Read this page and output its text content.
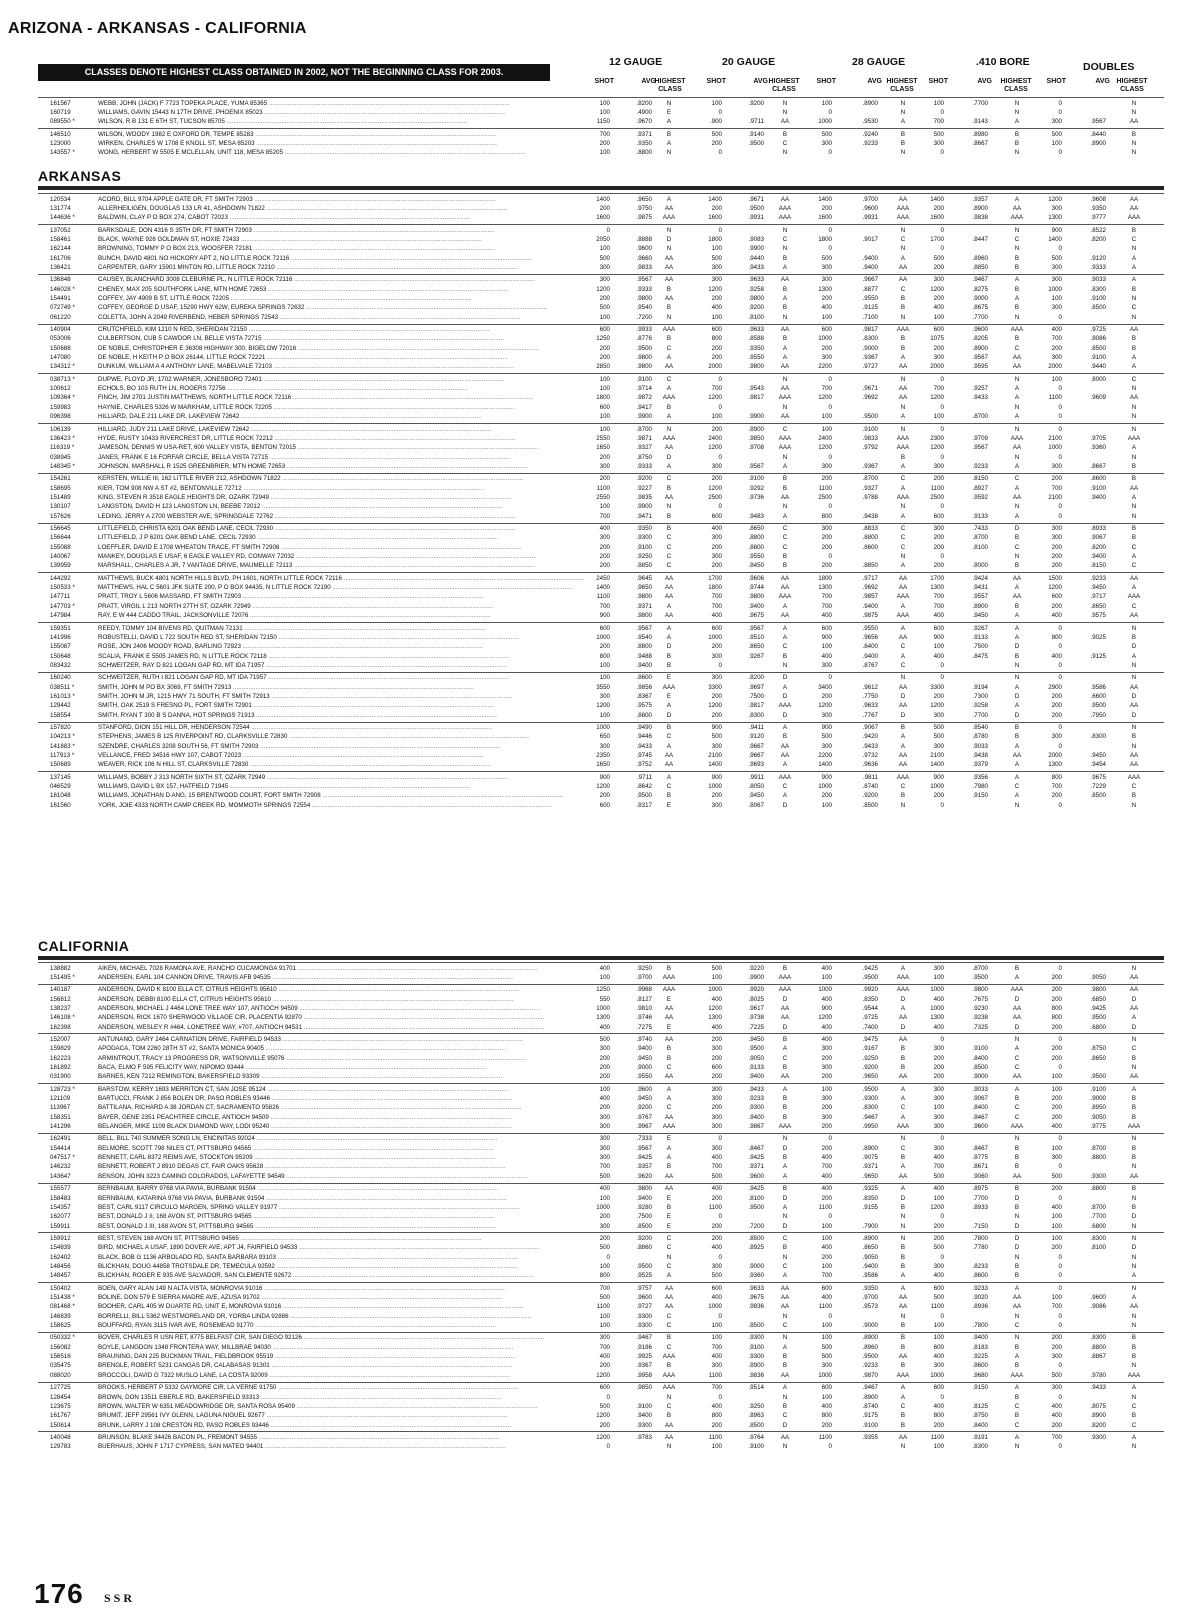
ARIZONA - ARKANSAS - CALIFORNIA
CLASSES DENOTE HIGHEST CLASS OBTAINED IN 2002, NOT THE BEGINNING CLASS FOR 2003.
12 GAUGE	20 GAUGE	28 GAUGE	.410 BORE	DOUBLES
SHOT	AVG
HIGHEST CLASS
SHOT	AVG HIGHEST CLASS
SHOT	AVG HIGHEST CLASS
SHOT	AVG HIGHEST CLASS
SHOT	AVG HIGHEST CLASS
161567	WEBB, JOHN (JACK) F 7723 TOPEKA PLACE, YUMA 85365 ............................................................................................................................................	100	.8200	N	100	.9200	N	100	.8900	N	100	.7700	N	0	N
160719	WILLIAMS, GAVIN 15443 N 17TH DRIVE, PHOENIX 85023 ............................................................................................................................................	100	.4900	E	0	N	0	N	0	N	0	N
089550 *	WILSON, R B 131 E 6TH ST, TUCSON 85705 ............................................................................................................................................	1150	.9670	A	.900	.9711	AA	1000	.9530	A	700	.9143	A	300	.9567	AA
146510	WILSON, WOODY 1982 E OXFORD DR, TEMPE 85283 ............................................................................................................................................	700	.9371	B	500	.9140	B	500	.9240	B	500	.8980	B	500	.8440	B
123000	WIRKEN, CHARLES W 1708 E KNOLL ST, MESA 85203 ............................................................................................................................................	200	.9350	A	200	.9500	C	300	.9233	B	300	.8667	B	100	.8900	N
143557 *	WONG, HERBERT W 5505 E MCLELLAN, UNIT 118, MESA 85205 ............................................................................................................................................	100	.8800	N	0	N	0	N	0	N	0	N
ARKANSAS
120534	ACORD, BILL 9704 APPLE GATE DR, FT SMITH 72903 ............................................................................................................................................	1400	.9650	A	1400	.9671	AA	1400	.9700	AA	1400	.9357	A	1200	.9608	AA
131774	ALLERHEILIGEN, DOUGLAS 133 LR 41, ASHDOWN 71822 ............................................................................................................................................	200	.9750	AA	200	.9500	AAA	200	.9600	AAA	200	.8900	AA	300	.9350	AA
144636 *	BALDWIN, CLAY P O BOX 274, CABOT 72023 ............................................................................................................................................	1600	.9875	AAA	1600	.9931	AAA	1600	.9931	AAA	1600	.9838	AAA	1300	.9777	AAA
137052	BARKSDALE, DON 4316 S 35TH DR, FT SMITH 72903 ............................................................................................................................................	0	N	0	N	0	N	0	N	900	.8522	B
158461	BLACK, WAYNE 926 GOLDMAN ST, HOXIE 72433 ............................................................................................................................................	2050	.8888	D	1800	.9083	C	1800	.9017	C	1700	.8447	C	1400	.8200	C
162144	BROWNING, TOMMY P O BOX 213, WOOSFER 72181 ............................................................................................................................................	100	.9600	N	100	.9900	N	0	N	0	N	0	N
161706	BUNCH, DAVID 4801 NO HICKORY APT 2, NO LITTLE ROCK 72116 ............................................................................................................................................	500	.9660	AA	500	.9440	B	500	.9400	A	500	.8960	B	500	.9120	A
136421	CARPENTER, GARY 15901 MINTON RD, LITTLE ROCK 72210 ............................................................................................................................................	300	.9833	AA	300	.9433	A	300	.9400	AA	200	.8850	B	300	.9333	A
136848	CAUSEY, BLANCHARD 3008 CLEBURNE PL, N LITTLE ROCK 72116 ............................................................................................................................................	300	.9567	AA	300	.9633	AA	300	.9667	AA	300	.9467	A	300	.9033	A
146028 *	CHENEY, MAX 205 SOUTHFORK LANE, MTN HOME 72653 ............................................................................................................................................	1200	.9333	B	1200	.9258	B	1300	.8877	C	1200	.8275	B	1000	.8300	B
154491	COFFEY, JAY 4909 B ST, LITTLE ROCK 72205 ............................................................................................................................................	200	.9800	AA	200	.9800	A	200	.9550	B	200	.9000	A	100	.9100	N
072749 *	COFFEY, GEORGE D USAF, 15290 HWY 62W, EUREKA SPRINGS 72632 ............................................................................................................................................	500	.9540	B	400	.9200	B	400	.9125	B	400	.8675	B	300	.8500	C
061220	COLETTA, JOHN A 2049 RIVERBEND, HEBER SPRINGS 72543 ............................................................................................................................................	100	.7200	N	100	.8100	N	100	.7100	N	100	.7700	N	0	N
140904	CRUTCHFIELD, KIM 1210 N RED, SHERIDAN 72150 ............................................................................................................................................	600	.9933	AAA	600	.9633	AA	600	.9817	AAA	600	.9600	AAA	400	.9725	AA
053006	CULBERTSON, CUB 5 CAWDOR LN, BELLE VISTA 72715 ............................................................................................................................................	1250	.8776	B	800	.8588	B	1000	.8300	B	1075	.8205	B	700	.8086	B
150688	DE NOBLE, CHRISTOPHER E 36308 HIGHWAY 300, BIGELOW 72016 ............................................................................................................................................	200	.9500	C	200	.9350	A	200	.9000	B	200	.8900	C	200	.8500	B
147080	DE NOBLE, H KEITH P O BOX 26144, LITTLE ROCK 72221 ............................................................................................................................................	200	.9800	A	200	.9550	A	300	.9367	A	300	.9567	AA	300	.9100	A
134312 *	DUNKUM, WILLIAM A 4 ANTHONY LANE, MABELVALE 72103 ............................................................................................................................................	2850	.9800	AA	2000	.9800	AA	2200	.9727	AA	2000	.9595	AA	2000	.9440	A
038713 *	DUPWE, FLOYD JR, 1702 WARNER, JONESBORO 72401 ............................................................................................................................................	100	.9100	C	0	N	0	N	0	N	100	.8000	C
100612	ECHOLS, BO 103 RUTH LN, ROGERS 72756 ............................................................................................................................................	100	.9714	A	700	.9543	AA	700	.9671	AA	700	.9257	A	0	N
109364 *	FINCH, JIM 2701 JUSTIN MATTHEWS, NORTH LITTLE ROCK 72116 ............................................................................................................................................	1800	.9872	AAA	1200	.9817	AAA	1200	.9692	AA	1200	.9433	A	1100	.9609	AA
159983	HAYNIE, CHARLES 5326 W MARKHAM, LITTLE ROCK 72205 ............................................................................................................................................	600	.9417	B	0	N	0	N	0	N	0	N
096398	HILLIARD, DALE 211 LAKE DR, LAKEVIEW 72642 ............................................................................................................................................	100	.9900	A	100	.9900	AA	100	.9500	A	100	.8700	A	0	N
106139	HILLIARD, JUDY 211 LAKE DRIVE, LAKEVIEW 72642 ............................................................................................................................................	100	.8700	N	200	.8900	C	100	.9100	N	0	N	0	N
136423 *	HYDE, RUSTY 10433 RIVERCREST DR, LITTLE ROCK 72212 ............................................................................................................................................	2550	.9871	AAA	2400	.9850	AAA	2400	.9833	AAA	2300	.9709	AAA	2100	.9705	AAA
116319 *	JAMESON, DENNIS W USA-RET, 600 VALLEY VISTA, BENTON 72015 ............................................................................................................................................	1650	.9327	AA	1200	.9708	AAA	1200	.9792	AAA	1200	.9567	AA	1000	.9360	A
038945	JANES, FRANK E 16 FORFAR CIRCLE, BELLA VISTA 72715 ............................................................................................................................................	200	.8750	D	0	N	0	B	0	N	0	N
148345 *	JOHNSON, MARSHALL R 1525 GREENBRIER, MTN HOME 72653 ............................................................................................................................................	300	.9333	A	300	.9567	A	300	.9367	A	300	.9233	A	300	.8667	B
154261	KERSTEN, WILLIE III, 162 LITTLE RIVER 212, ASHDOWN 71822 ............................................................................................................................................	200	.9200	C	200	.9100	B	200	.8700	C	200	.8150	C	200	.8600	B
158695	KIER, TOM 908 NW A ST #2, BENTONVILLE 72712 ............................................................................................................................................	1100	.9227	B	1200	.9292	B	1100	.9327	A	1100	.8927	A	700	.9100	AA
151489	KING, STEVEN R 3518 EAGLE HEIGHTS DR, OZARK 72949 ............................................................................................................................................	2550	.9835	AA	2500	.9736	AA	2500	.9788	AAA	2500	.9592	AA	2100	.9400	A
130107	LANGSTON, DAVID H 123 LANGSTON LN, BEEBE 72012 ............................................................................................................................................	100	.9900	N	0	N	0	N	0	N	0	N
157626	LEDING, JERRY A 2700 WEBSTER AVE, SPRINGDALE 72762 ............................................................................................................................................	700	.9471	B	600	.9483	A	800	.9438	A	600	.9133	A	0	N
156645	LITTLEFIELD, CHRISTA 6201 OAK BEND LANE, CECIL 72930 ............................................................................................................................................	400	.9350	B	400	.8650	C	300	.8833	C	300	.7433	D	300	.8933	B
156644	LITTLEFIELD, J P 6201 OAK BEND LANE, CECIL 72930 ............................................................................................................................................	300	.9300	C	300	.8800	C	200	.8800	C	200	.8700	B	300	.9067	B
155088	LOEFFLER, DAVID E 1708 WHEATON TRACE, FT SMITH 72908 ............................................................................................................................................	200	.9100	C	200	.8800	C	200	.8600	C	200	.8100	C	200	.8200	C
140067	MANKEY, DOUGLAS E USAF, 6 EAGLE VALLEY RD, CONWAY 72032 ............................................................................................................................................	200	.9250	C	300	.9550	B	0	N	0	N	200	.9400	A
139959	MARSHALL, CHARLES A JR, 7 VANTAGE DRIVE, MAUMELLE 72113 ............................................................................................................................................	200	.8850	C	200	.8450	B	200	.8850	A	200	.8000	B	200	.8150	C
144292	MATTHEWS, BUCK 4801 NORTH HILLS BLVD, PH 1601, NORTH LITTLE ROCK 72116 ............................................................................................................................................	2450	.9645	AA	1700	.9606	AA	1800	.9717	AA	1700	.9424	AA	1500	.9233	AA
150533 *	MATTHEWS, HAL C 5601 JFK SUITE 200, P O BOX 94435, N LITTLE ROCK 72190 ............................................................................................................................................	1400	.9650	AA	1800	.9744	AA	1300	.9692	AA	1300	.9431	A	1200	.9450	A
147711	PRATT, TROY L 5606 MASSARD, FT SMITH 72903 ............................................................................................................................................	1100	.9800	AA	700	.9800	AAA	700	.9857	AAA	700	.9557	AA	600	.9717	AAA
147703 *	PRATT, VIRGIL L 213 NORTH 27TH ST, OZARK 72949 ............................................................................................................................................	700	.9371	A	700	.9400	A	700	.9400	A	700	.8900	B	200	.8650	C
147984	RAY, E W 444 CADDO TRAIL, JACKSONVILLE 72076 ............................................................................................................................................	900	.9800	AA	400	.9675	AA	400	.9875	AAA	400	.9450	A	400	.9575	AA
159351	REEDY, TOMMY 104 BIVENS RD, QUITMAN 72131 ............................................................................................................................................	600	.9567	A	600	.9567	A	600	.9550	A	600	.9267	A	0	N
141996	ROBUSTELLI, DAVID L 722 SOUTH RED ST, SHERIDAN 72150 ............................................................................................................................................	1000	.9540	A	1000	.9510	A	900	.9656	AA	900	.9133	A	800	.9025	B
155087	ROSE, JON 2406 MOODY ROAD, BARLING 72923 ............................................................................................................................................	200	.8800	D	200	.8650	C	100	.8400	C	100	.7500	D	0	D
150648	SCALIA, FRANK E 5505 JAMES RD, N LITTLE ROCK 72118 ............................................................................................................................................	800	.9488	B	300	.9267	B	400	.9400	A	400	.8475	B	400	.9125	A
083432	SCHWEITZER, RAY D 821 LOGAN GAP RD, MT IDA 71957 ............................................................................................................................................	100	.9400	B	0	N	300	.8767	C	0	N	0	N
160240	SCHWEITZER, RUTH I 821 LOGAN GAP RD, MT IDA 71957 ............................................................................................................................................	100	.8600	E	300	.8200	D	0	N	0	N	0	N
038511 *	SMITH, JOHN M PO BX 3069, FT SMITH 72913 ............................................................................................................................................	3550	.9856	AAA	3300	.9697	A	3400	.9612	AA	3300	.9194	A	2900	.9586	AA
161013 *	SMITH, JOHN M JR, 1215 HWY 71 SOUTH, FT SMITH 72913 ............................................................................................................................................	300	.8367	E	200	.7500	D	200	.7750	D	200	.7300	D	200	.6600	D
129442	SMITH, OAK 2519 S FRESNO PL, FORT SMITH 72901 ............................................................................................................................................	1200	.9575	A	1200	.9817	AAA	1200	.9633	AA	1200	.9258	A	200	.9500	AA
158554	SMITH, RYAN T 300 B S DANNA, HOT SPRINGS 71913 ............................................................................................................................................	100	.8800	D	200	.8300	D	300	.7767	D	300	.7700	D	200	.7950	D
157820	STANFORD, DION 151 HILL DR, HENDERSON 72544 ............................................................................................................................................	1000	.9490	B	900	.9411	A	900	.9067	B	500	.8540	B	0	N
104213 *	STEPHENS, JAMES B 125 RIVERPOINT RD, CLARKSVILLE 72830 ............................................................................................................................................	650	.9446	C	500	.9120	B	500	.9420	A	500	.8780	B	300	.8300	B
141883 *	SZENDRE, CHARLES 3208 SOUTH 56, FT SMITH 72903 ............................................................................................................................................	300	.9433	A	300	.9667	AA	300	.9433	A	300	.9033	A	0	N
117913 *	VELLANCE, FRED 34516 HWY 107, CABOT 72023 ............................................................................................................................................	2350	.9745	AA	2100	.9667	AA	2200	.9732	AA	2100	.9438	AA	2000	.9450	AA
150689	WEAVER, RICK 106 N HILL ST, CLARKSVILLE 72830 ............................................................................................................................................	1650	.9752	AA	1400	.9693	A	1400	.9636	AA	1400	.9379	A	1300	.9454	AA
137145	WILLIAMS, BOBBY J 313 NORTH SIXTH ST, OZARK 72949 ............................................................................................................................................	900	.9711	A	900	.9911	AAA	900	.9811	AAA	900	.9356	A	800	.9675	AAA
046529	WILLIAMS, DAVID L BX 157, HATFIELD 71945 ............................................................................................................................................	1200	.8642	C	1000	.8050	C	1000	.8740	C	1000	.7980	C	700	.7229	C
161048	WILLIAMS, JONATHAN D ANG, 15 BRENTWOOD COURT, FORT SMITH 72908 ............................................................................................................................................	200	.9500	B	200	.9450	A	200	.9200	B	200	.9150	A	200	.8500	B
161560	YORK, JOIE 4333 NORTH CAMP CREEK RD, MOMMOTH SPRINGS 72554 ............................................................................................................................................	600	.8317	E	300	.8067	D	100	.8500	N	0	N	0	N
CALIFORNIA
138882	AIKEN, MICHAEL 7028 RAMONA AVE, RANCHO CUCAMONGA 91701 ............................................................................................................................................	400	.9250	B	500	.9220	B	400	.9425	A	300	.8700	B	0	N
151495 *	ANDERSEN, EARL 104 CANNON DRIVE, TRAVIS AFB 94535 ............................................................................................................................................	100	.9700	AAA	100	.9900	AAA	100	.9500	AAA	100	.9500	A	200	.9050	AA
140187	ANDERSON, DAVID K 8100 ELLA CT, CITRUS HEIGHTS 95610 ............................................................................................................................................	1250	.9968	AAA	1000	.9920	AAA	1000	.9920	AAA	1000	.9800	AAA	200	.9800	AA
156812	ANDERSON, DEBBI 8100 ELLA CT, CITRUS HEIGHTS 95610 ............................................................................................................................................	550	.8127	E	400	.8025	D	400	.8350	D	400	.7675	D	200	.6850	D
138237	ANDERSON, MICHAEL J 4464 LONE TREE WAY 107, ANTIOCH 94509 ............................................................................................................................................	1000	.9810	AA	1200	.9617	AA	900	.9544	A	1000	.9230	AA	800	.9425	AA
146108 *	ANDERSON, RICK 1670 SHERWOOD VILLAGE CIR, PLACENTIA 92870 ............................................................................................................................................	1300	.9746	AA	1300	.9738	AA	1200	.9725	AA	1300	.9238	AA	800	.9500	A
162398	ANDERSON, WESLEY R #464, LONETREE WAY, #707, ANTIOCH 94531 ............................................................................................................................................	400	.7275	E	400	.7225	D	400	.7400	D	400	.7325	D	200	.6800	D
152007	ANTUNANO, GARY 2464 CARNATION DRIVE, FAIRFIELD 94533 ............................................................................................................................................	500	.9740	AA	200	.9450	B	400	.9475	AA	0	N	0	N
159829	APODACA, TOM 2260 28TH ST #2, SANTA MONICA 90405 ............................................................................................................................................	300	.9400	B	300	.9500	A	300	.9167	B	300	.9100	A	200	.8750	C
162223	ARMINTROUT, TRACY 13 PROGRESS DR, WATSONVILLE 95076 ............................................................................................................................................	200	.9450	B	200	.9050	C	200	.9250	B	200	.8400	C	200	.8650	B
161892	BACA, ELMO F 595 FELICITY WAY, NIPOMO 93444 ............................................................................................................................................	200	.9000	C	600	.9133	B	300	.9200	B	200	.8500	C	0	N
031900	BARNES, KEN 7212 REMINGTON, BAKERSFIELD 93309 ............................................................................................................................................	200	.9550	AA	200	.9400	AA	200	.9650	AA	200	.9000	AA	100	.9500	AA
128723 *	BARSTOW, KERRY 1693 MERRITON CT, SAN JOSE 95124 ............................................................................................................................................	100	.9600	A	300	.9433	A	100	.9500	A	300	.9033	A	100	.9100	A
121109	BARTUCCI, FRANK J 856 BOLEN DR, PASO ROBLES 93446 ............................................................................................................................................	400	.9450	A	300	.9233	B	300	.9300	A	300	.9067	B	200	.9000	B
113967	BATTILANA, RICHARD A 38 JORDAN CT, SACRAMENTO 95826 ............................................................................................................................................	200	.9200	C	200	.9300	B	200	.8300	C	100	.8400	C	200	.8950	B
158351	BAYER, GENE 2351 PEACHTREE CIRCLE, ANTIOCH 94509 ............................................................................................................................................	300	.9767	AA	300	.9400	B	300	.9467	A	300	.8467	C	200	.9050	B
141296	BELANGER, MIKE 1109 BLACK DIAMOND WAY, LODI 95240 ............................................................................................................................................	300	.9967	AAA	300	.9867	AAA	200	.9950	AAA	300	.9600	AAA	400	.9775	AAA
162491	BELL, BILL 740 SUMMER SONG LN, ENCINITAS 92024 ............................................................................................................................................	300	.7333	E	0	N	0	N	0	N	0	N
154414	BELMORE, SCOTT 798 NILES CT, PITTSBURG 94565 ............................................................................................................................................	300	.9567	A	300	.8467	D	200	.8900	C	300	.8467	B	100	.8700	B
047517 *	BENNETT, CARL 8372 REIMS AVE, STOCKTON 95209 ............................................................................................................................................	300	.9425	A	400	.9425	B	400	.9075	B	400	.8775	B	300	.8800	B
146232	BENNETT, ROBERT J 8910 DEGAS CT, FAIR OAKS 95628 ............................................................................................................................................	700	.9357	B	700	.9371	A	700	.9371	A	700	.8671	B	0	N
143647	BENSON, JOHN 3223 CAMINO COLORADOS, LAFAYETTE 94549 ............................................................................................................................................	500	.9620	AA	500	.9600	A	400	.9650	AA	500	.9060	AA	500	.9300	AA
155577	BERNBAUM, BARRY 9768 VIA PAVIA, BURBANK 91504 ............................................................................................................................................	400	.9800	AA	400	.9425	B	400	.9325	A	400	.8975	B	200	.8800	B
158483	BERNBAUM, KATARINA 9768 VIA PAVIA, BURBANK 91504 ............................................................................................................................................	100	.9400	E	200	.8100	D	200	.8350	D	100	.7700	D	0	N
154357	BEST, CARL 9117 CIRCULO MARGEN, SPRING VALLEY 91977 ............................................................................................................................................	1000	.9280	B	1100	.9500	A	1100	.9155	B	1200	.8933	B	400	.8700	B
162077	BEST, DONALD J II, 168 AVON ST, PITTSBURG 94565 ............................................................................................................................................	200	.7500	E	0	N	0	N	0	N	100	.7700	D
159911	BEST, DONALD J III, 168 AVON ST, PITTSBURG 94565 ............................................................................................................................................	300	.8500	E	200	.7200	D	100	.7900	N	200	.7150	D	100	.6800	N
159912	BEST, STEVEN 168 AVON ST, PITTSBURG 94565 ............................................................................................................................................	200	.9200	C	200	.8500	C	100	.8900	N	200	.7800	D	100	.8300	N
154839	BIRD, MICHAEL A USAF, 1890 DOVER AVE, APT J4, FAIRFIELD 94533 ............................................................................................................................................	500	.8860	C	400	.8925	B	400	.8650	B	500	.7780	D	200	.8100	D
162402	BLACK, BOB G 1136 ARBOLADO RD, SANTA BARBARA 93103 ............................................................................................................................................	0	N	0	N	200	.9050	B	0	N	0	N
148456	BLICKHAN, DOUG 44858 TROTSDALE DR, TEMECULA 92592 ............................................................................................................................................	100	.9500	C	300	.9000	C	100	.9400	B	300	.8233	B	0	N
148457	BLICKHAN, ROGER E 935 AVE SALVADOR, SAN CLEMENTE 92672 ............................................................................................................................................	800	.9525	A	500	.9360	A	700	.9586	A	400	.8600	B	0	A
150402	BOEN, GARY ALAN 149 N ALTA VISTA, MONROVIA 91016 ............................................................................................................................................	700	.9757	AA	600	.9633	AA	600	.9350	A	600	.9233	A	0	N
151438 *	BOLINE, DON 579 E SIERRA MADRE AVE, AZUSA 91702 ............................................................................................................................................	500	.9600	AA	400	.9675	AA	400	.9700	AA	500	.9020	AA	100	.9600	A
081468 *	BOOHER, CARL 405 W DUARTE RD, UNIT E, MONROVIA 91016 ............................................................................................................................................	1100	.9727	AA	1000	.9836	AA	1100	.9573	AA	1100	.8936	AA	700	.9086	AA
146839	BORRELLI, BILL 5362 WESTMORELAND DR, YORBA LINDA 92886 ............................................................................................................................................	100	.9300	C	0	N	0	N	0	N	0	N
158625	BOUFFARD, RYAN 3115 IVAR AVE, ROSEMEAD 91770 ............................................................................................................................................	100	.9300	C	100	.8500	C	100	.9000	B	100	.7800	C	0	N
050332 *	BOVER, CHARLES R USN RET, 8775 BELFAST CIR, SAN DIEGO 92126 ............................................................................................................................................	300	.9467	B	100	.9300	N	100	.8900	B	100	.9400	N	200	.8300	B
156082	BOYLE, LANGDON 1348 FRONTERA WAY, MILLBRAE 94030 ............................................................................................................................................	700	.9186	C	700	.9100	A	500	.8960	B	600	.8183	B	200	.8800	B
156516	BRAUNING, DAN 225 BUCKMAN TRAIL, FIELDBROOK 95519 ............................................................................................................................................	400	.9925	AAA	400	.9300	B	500	.9500	AA	400	.9225	A	300	.8867	B
035475	BRENGLE, ROBERT 5231 CANGAS DR, CALABASAS 91301 ............................................................................................................................................	200	.9367	B	300	.8900	B	300	.9233	B	300	.8600	B	0	N
088020	BROCCOLI, DAVID G 7322 MUSLO LANE, LA COSTA 92009 ............................................................................................................................................	1200	.9958	AAA	1100	.9836	AA	1000	.9870	AAA	1000	.9680	AAA	500	.9780	AAA
127725	BROOKS, HERBERT P 5332 GAYMORE CIR, LA VERNE 91750 ............................................................................................................................................	600	.9850	AAA	700	.9514	A	600	.9467	A	600	.9150	A	300	.9433	A
128454	BROWN, DON 13511 EBERLE RD, BAKERSFIELD 93313 ............................................................................................................................................	0	N	0	N	100	.8900	A	0	B	0	N
123675	BROWN, WALTER W 6351 MEADOWRIDGE DR, SANTA ROSA 95409 ............................................................................................................................................	500	.9100	C	400	.9250	B	400	.8740	C	400	.8125	C	400	.8075	C
161767	BRUMIT, JEFF 29561 IVY GLENN, LAGUNA NIGUEL 92677 ............................................................................................................................................	1200	.9400	B	800	.8963	C	800	.9175	B	800	.8750	B	400	.8900	B
150614	BRUNK, LARRY J 108 CRESTON RD, PASO ROBLES 93446 ............................................................................................................................................	200	.9300	AA	200	.8500	D	200	.9100	B	200	.8400	C	200	.8200	C
140048	BRUNSON, BLAKE 34426 BACON PL, FREMONT 94555 ............................................................................................................................................	1200	.9783	AA	1100	.9764	AA	1100	.9355	AA	1100	.9191	A	700	.9300	A
129783	BUERHAUS, JOHN F 1717 CYPRESS, SAN MATEO 94401 ............................................................................................................................................	0	N	100	.9100	N	0	N	100	.8300	N	0	N
176 SSR
